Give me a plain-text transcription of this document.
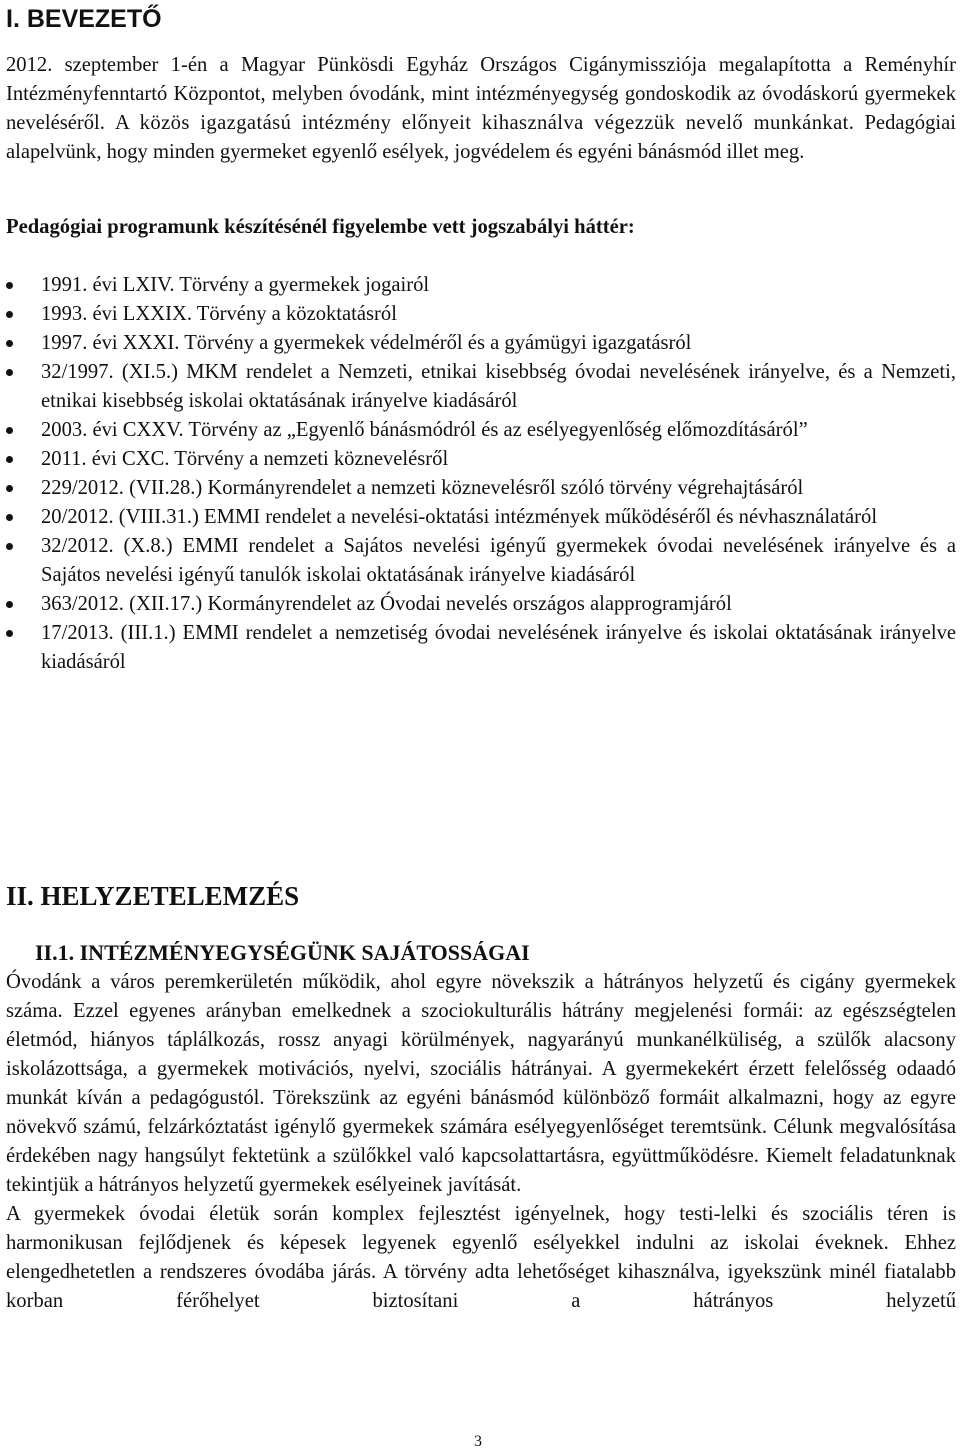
I. BEVEZETŐ

2012. szeptember 1-én a Magyar Pünkösdi Egyház Országos Cigánymissziója megalapította a Reményhír Intézményfenntartó Központot, melyben óvodánk, mint intézményegység gondoskodik az óvodáskorú gyermekek neveléséről. A közös igazgatású intézmény előnyeit kihasználva végezzük nevelő munkánkat. Pedagógiai alapelvünk, hogy minden gyermeket egyenlő esélyek, jogvédelem és egyéni bánásmód illet meg.

Pedagógiai programunk készítésénél figyelembe vett jogszabályi háttér:

1991. évi LXIV. Törvény a gyermekek jogairól
1993. évi LXXIX. Törvény a közoktatásról
1997. évi XXXI. Törvény a gyermekek védelméről és a gyámügyi igazgatásról
32/1997. (XI.5.) MKM rendelet a Nemzeti, etnikai kisebbség óvodai nevelésének irányelve, és a Nemzeti, etnikai kisebbség iskolai oktatásának irányelve kiadásáról
2003. évi CXXV. Törvény az „Egyenlő bánásmódról és az esélyegyenlőség előmozdításáról”
2011. évi CXC. Törvény a nemzeti köznevelésről
229/2012. (VII.28.) Kormányrendelet a nemzeti köznevelésről szóló törvény végrehajtásáról
20/2012. (VIII.31.) EMMI rendelet a nevelési-oktatási intézmények működéséről és névhasználatáról
32/2012. (X.8.) EMMI rendelet a Sajátos nevelési igényű gyermekek óvodai nevelésének irányelve és a Sajátos nevelési igényű tanulók iskolai oktatásának irányelve kiadásáról
363/2012. (XII.17.) Kormányrendelet az Óvodai nevelés országos alapprogramjáról
17/2013. (III.1.) EMMI rendelet a nemzetiség óvodai nevelésének irányelve és iskolai oktatásának irányelve kiadásáról
II. HELYZETELEMZÉS
II.1. INTÉZMÉNYEGYSÉGÜNK SAJÁTOSSÁGAI

Óvodánk a város peremkerületén működik, ahol egyre növekszik a hátrányos helyzetű és cigány gyermekek száma. Ezzel egyenes arányban emelkednek a szociokulturális hátrány megjelenési formái: az egészségtelen életmód, hiányos táplálkozás, rossz anyagi körülmények, nagyarányú munkanélküliség, a szülők alacsony iskolázottsága, a gyermekek motivációs, nyelvi, szociális hátrányai. A gyermekekért érzett felelősség odaadó munkát kíván a pedagógustól. Törekszünk az egyéni bánásmód különböző formáit alkalmazni, hogy az egyre növekvő számú, felzárkóztatást igénylő gyermekek számára esélyegyenlőséget teremtsünk. Célunk megvalósítása érdekében nagy hangsúlyt fektetünk a szülőkkel való kapcsolattartásra, együttműködésre. Kiemelt feladatunknak tekintjük a hátrányos helyzetű gyermekek esélyeinek javítását.

A gyermekek óvodai életük során komplex fejlesztést igényelnek, hogy testi-lelki és szociális téren is harmonikusan fejlődjenek és képesek legyenek egyenlő esélyekkel indulni az iskolai éveknek. Ehhez elengedhetetlen a rendszeres óvodába járás. A törvény adta lehetőséget kihasználva, igyekszünk minél fiatalabb korban férőhelyet biztosítani a hátrányos helyzetű

3
